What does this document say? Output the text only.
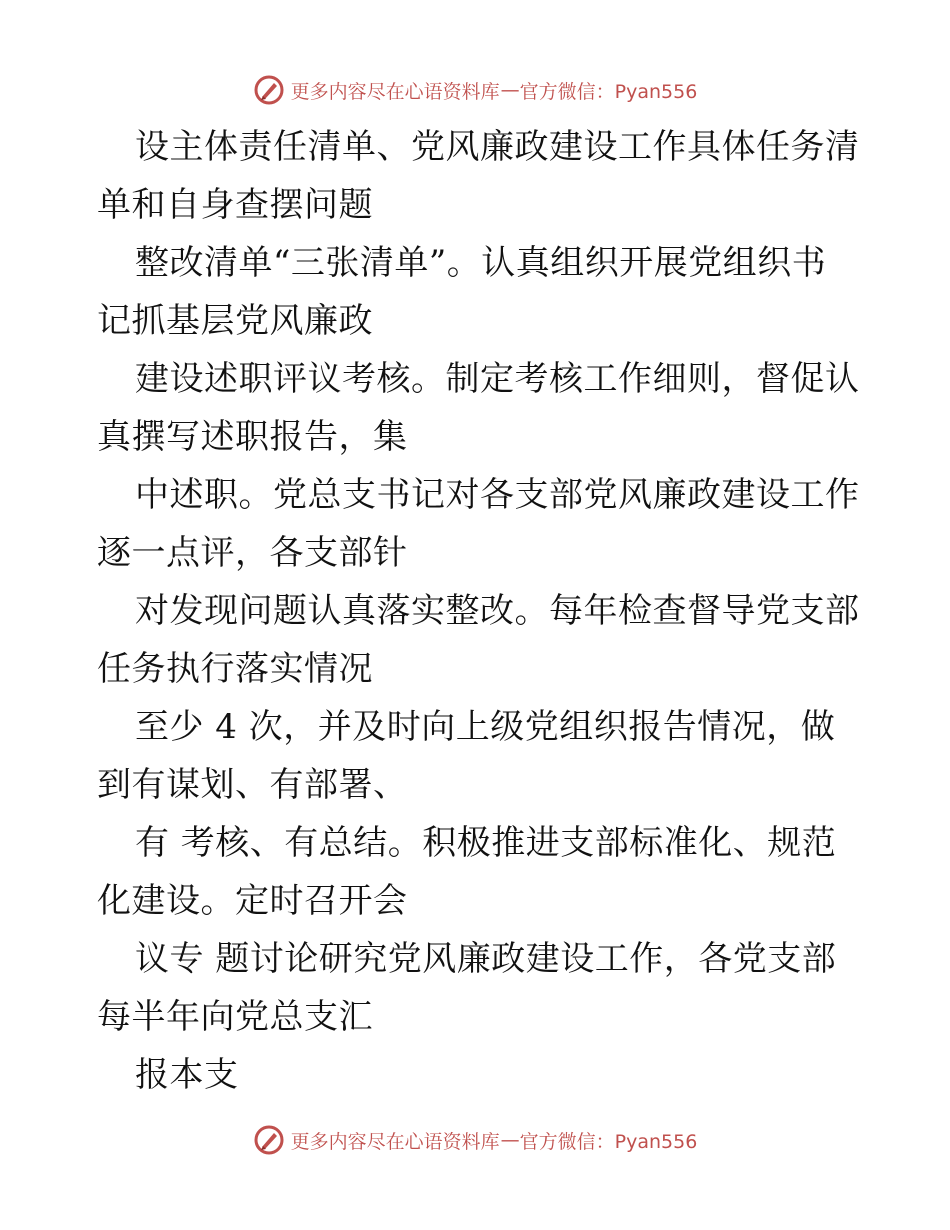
更多内容尽在心语资料库 — 官方微信：Pyan556
设主体责任清单、党风廉政建设工作具体任务清
单和自身查摆问题
整改清单“三张清单”。认真组织开展党组织书
记抓基层党风廉政
建设述职评议考核。制定考核工作细则，督促认
真撰写述职报告，集
中述职。党总支书记对各支部党风廉政建设工作
逐一点评，各支部针
对发现问题认真落实整改。每年检查督导党支部
任务执行落实情况
至少 4 次，并及时向上级党组织报告情况，做
到有谋划、有部署、
有 考核、有总结。积极推进支部标准化、规范
化建设。定时召开会
议专 题讨论研究党风廉政建设工作，各党支部
每半年向党总支汇
报本支
更多内容尽在心语资料库 — 官方微信：Pyan556
